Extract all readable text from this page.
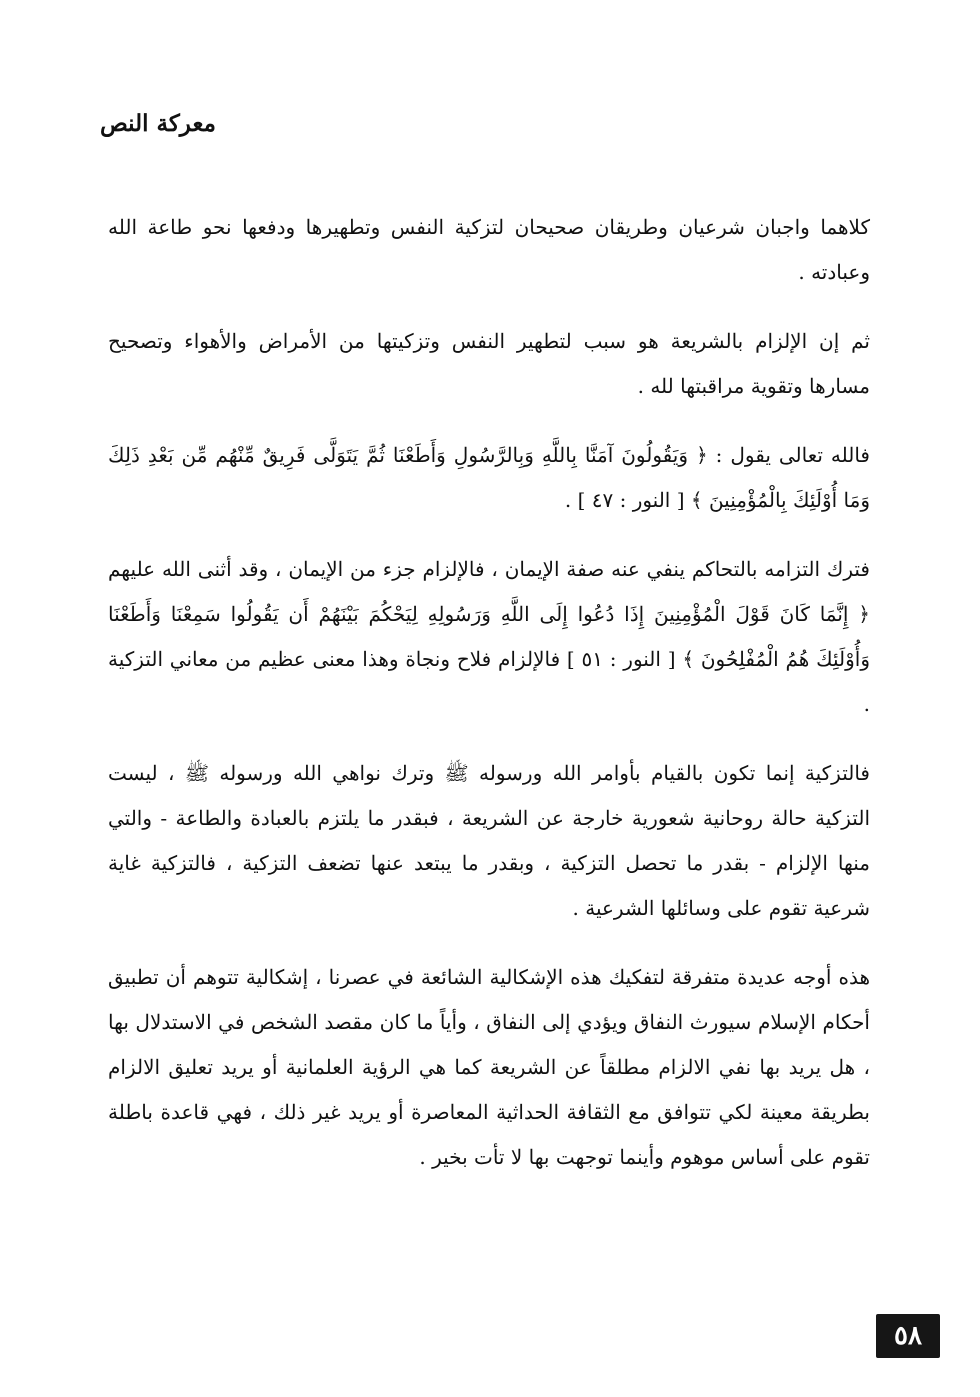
معركة النص

كلاهما واجبان شرعيان وطريقان صحيحان لتزكية النفس وتطهيرها ودفعها نحو طاعة الله وعبادته .

ثم إن الإلزام بالشريعة هو سبب لتطهير النفس وتزكيتها من الأمراض والأهواء وتصحيح مسارها وتقوية مراقبتها لله .

فالله تعالى يقول : ﴿ وَيَقُولُونَ آمَنَّا بِاللَّهِ وَبِالرَّسُولِ وَأَطَعْنَا ثُمَّ يَتَوَلَّى فَرِيقٌ مِّنْهُم مِّن بَعْدِ ذَلِكَ وَمَا أُوْلَئِكَ بِالْمُؤْمِنِينَ ﴾ [ النور : ٤٧ ] .

فترك التزامه بالتحاكم ينفي عنه صفة الإيمان ، فالإلزام جزء من الإيمان ، وقد أثنى الله عليهم ﴿ إِنَّمَا كَانَ قَوْلَ الْمُؤْمِنِينَ إِذَا دُعُوا إِلَى اللَّهِ وَرَسُولِهِ لِيَحْكُمَ بَيْنَهُمْ أَن يَقُولُوا سَمِعْنَا وَأَطَعْنَا وَأُوْلَئِكَ هُمُ الْمُفْلِحُونَ ﴾ [ النور : ٥١ ] فالإلزام فلاح ونجاة وهذا معنى عظيم من معاني التزكية .

فالتزكية إنما تكون بالقيام بأوامر الله ورسوله ﷺ وترك نواهي الله ورسوله ﷺ ، ليست التزكية حالة روحانية شعورية خارجة عن الشريعة ، فبقدر ما يلتزم بالعبادة والطاعة - والتي منها الإلزام - بقدر ما تحصل التزكية ، وبقدر ما يبتعد عنها تضعف التزكية ، فالتزكية غاية شرعية تقوم على وسائلها الشرعية .

هذه أوجه عديدة متفرقة لتفكيك هذه الإشكالية الشائعة في عصرنا ، إشكالية تتوهم أن تطبيق أحكام الإسلام سيورث النفاق ويؤدي إلى النفاق ، وأياً ما كان مقصد الشخص في الاستدلال بها ، هل يريد بها نفي الالزام مطلقاً عن الشريعة كما هي الرؤية العلمانية أو يريد تعليق الالزام بطريقة معينة لكي تتوافق مع الثقافة الحداثية المعاصرة أو يريد غير ذلك ، فهي قاعدة باطلة تقوم على أساس موهوم وأينما توجهت بها لا تأت بخير .

٥٨
